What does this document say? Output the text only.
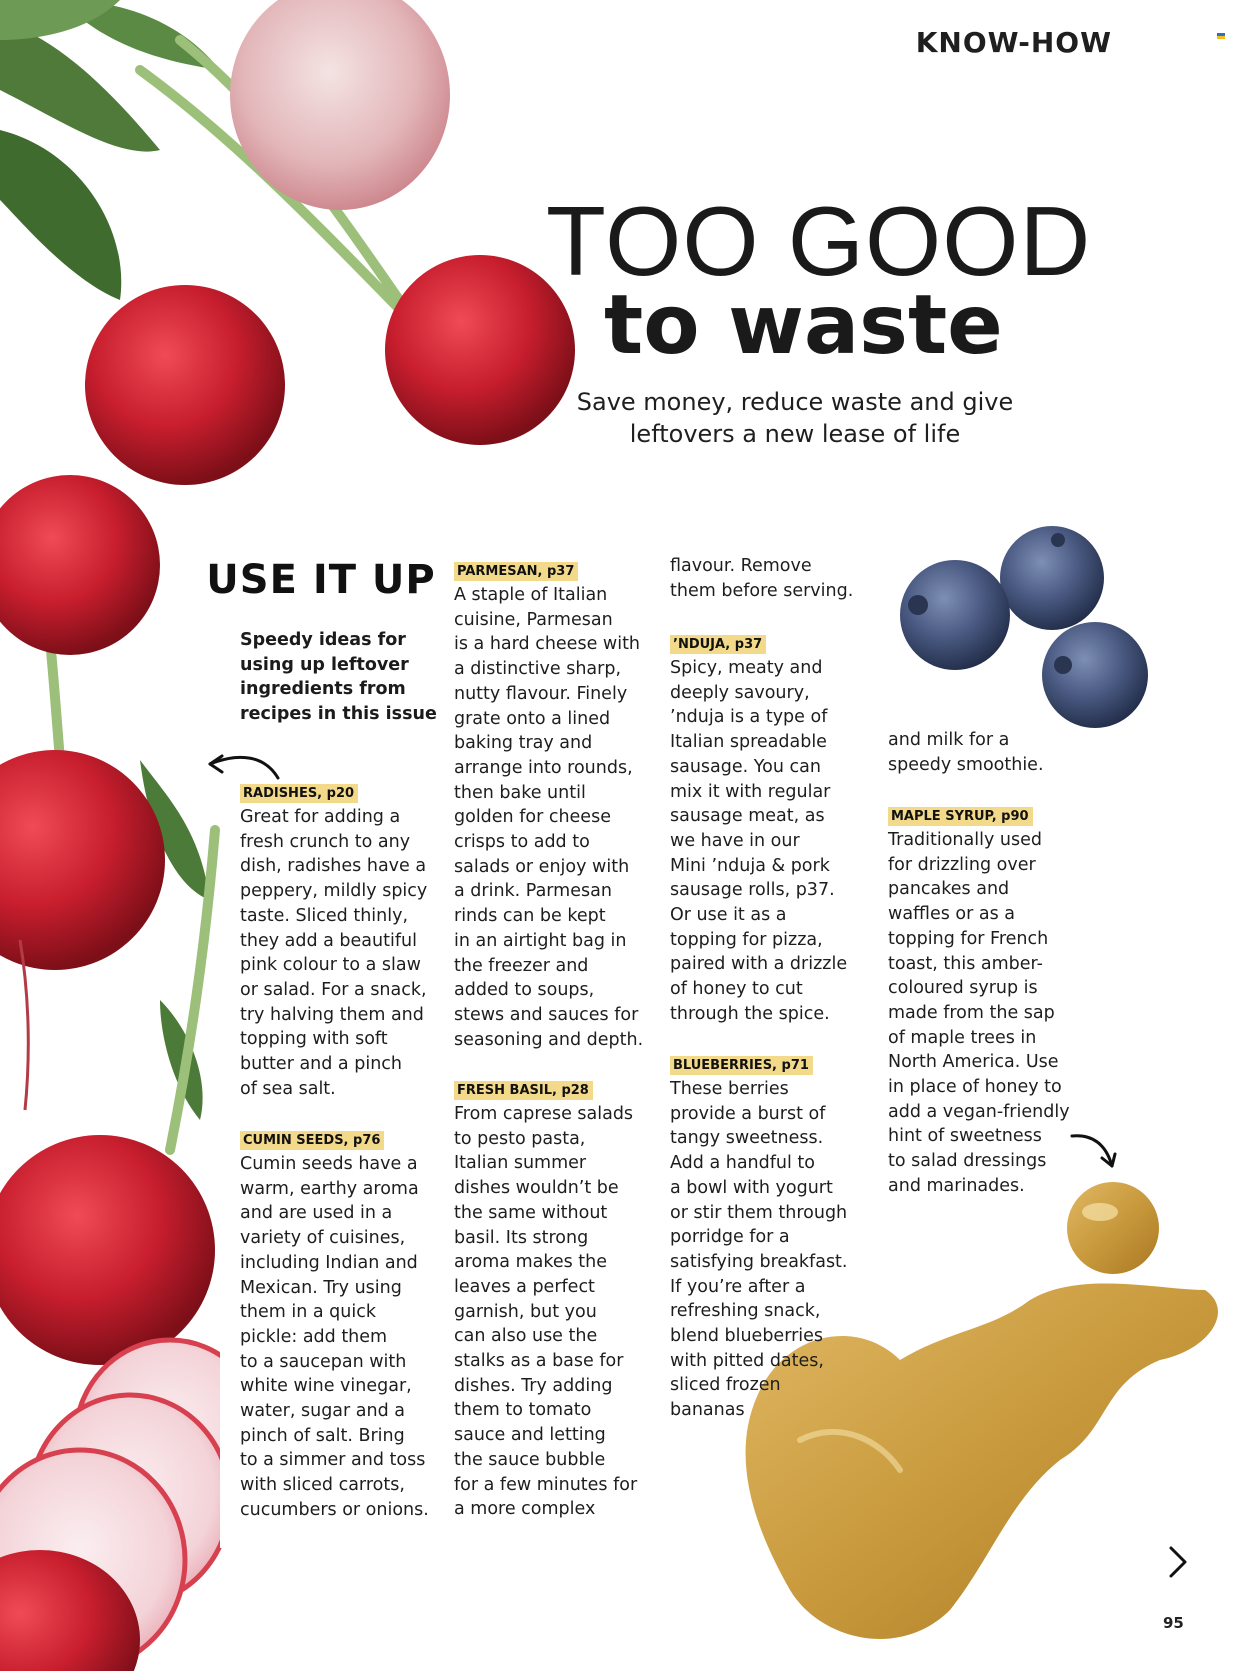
KNOW-HOW
TOO GOOD
to waste
Save money, reduce waste and give leftovers a new lease of life
USE IT UP
Speedy ideas for using up leftover ingredients from recipes in this issue
RADISHES, p20

Great for adding a
fresh crunch to any
dish, radishes have a
peppery, mildly spicy
taste. Sliced thinly,
they add a beautiful
pink colour to a slaw
or salad. For a snack,
try halving them and
topping with soft
butter and a pinch
of sea salt.

CUMIN SEEDS, p76

Cumin seeds have a
warm, earthy aroma
and are used in a
variety of cuisines,
including Indian and
Mexican. Try using
them in a quick
pickle: add them
to a saucepan with
white wine vinegar,
water, sugar and a
pinch of salt. Bring
to a simmer and toss
with sliced carrots,
cucumbers or onions.

PARMESAN, p37

A staple of Italian
cuisine, Parmesan
is a hard cheese with
a distinctive sharp,
nutty flavour. Finely
grate onto a lined
baking tray and
arrange into rounds,
then bake until
golden for cheese
crisps to add to
salads or enjoy with
a drink. Parmesan
rinds can be kept
in an airtight bag in
the freezer and
added to soups,
stews and sauces for
seasoning and depth.

FRESH BASIL, p28

From caprese salads
to pesto pasta,
Italian summer
dishes wouldn’t be
the same without
basil. Its strong
aroma makes the
leaves a perfect
garnish, but you
can also use the
stalks as a base for
dishes. Try adding
them to tomato
sauce and letting
the sauce bubble
for a few minutes for
a more complex

flavour. Remove
them before serving.

’NDUJA, p37

Spicy, meaty and
deeply savoury,
’nduja is a type of
Italian spreadable
sausage. You can
mix it with regular
sausage meat, as
we have in our
Mini ’nduja & pork
sausage rolls, p37.
Or use it as a
topping for pizza,
paired with a drizzle
of honey to cut
through the spice.

BLUEBERRIES, p71

These berries
provide a burst of
tangy sweetness.
Add a handful to
a bowl with yogurt
or stir them through
porridge for a
satisfying breakfast.
If you’re after a
refreshing snack,
blend blueberries
with pitted dates,
sliced frozen
bananas

and milk for a
speedy smoothie.

MAPLE SYRUP, p90

Traditionally used
for drizzling over
pancakes and
waffles or as a
topping for French
toast, this amber-
coloured syrup is
made from the sap
of maple trees in
North America. Use
in place of honey to
add a vegan-friendly
hint of sweetness
to salad dressings
and marinades.

95
